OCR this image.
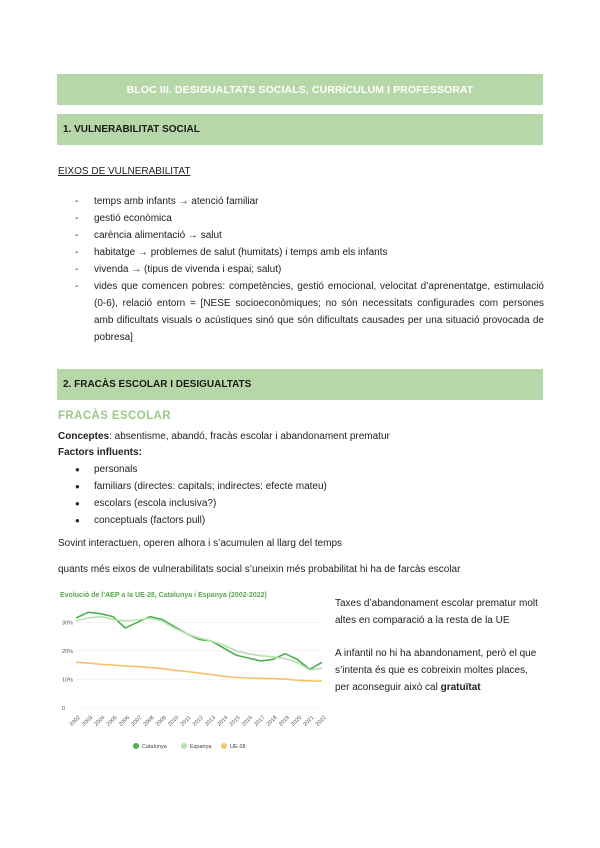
BLOC III. DESIGUALTATS SOCIALS, CURRÍCULUM I PROFESSORAT
1. VULNERABILITAT SOCIAL
EIXOS DE VULNERABILITAT
- temps amb infants → atenció familiar
- gestió econòmica
- carència alimentació → salut
- habitatge → problemes de salut (humitats) i temps amb els infants
- vivenda → (tipus de vivenda i espai; salut)
- vides que comencen pobres: competències, gestió emocional, velocitat d’aprenentatge, estimulació (0-6), relació entorn = [NESE socioeconòmiques; no són necessitats configurades com persones amb dificultats visuals o acústiques sinó que són dificultats causades per una situació provocada de pobresa]
2. FRACÀS ESCOLAR I DESIGUALTATS
FRACÀS ESCOLAR
Conceptes: absentisme, abandó, fracàs escolar i abandonament prematur
Factors influents:
● personals
● familiars (directes: capitals; indirectes: efecte mateu)
● escolars (escola inclusiva?)
● conceptuals (factors pull)
Sovint interactuen, operen alhora i s’acumulen al llarg del temps
quants més eixos de vulnerabilitats social s’uneixin més probabilitat hi ha de farcàs escolar
Evolució de l’AEP a la UE-28, Catalunya i Espanya (2002-2022)
0
10%
20%
30%
2002 2003 2004 2005 2006 2007 2008 2009 2010 2011 2012 2013 2014 2015 2016 2017 2018 2019 2020 2021 2022
Catalunya	Espanya	UE-28
Taxes d’abandonament escolar prematur molt altes en comparació a la resta de la UE
A infantil no hi ha abandonament, però el que s’intenta és que es cobreixin moltes places, per aconseguir això cal gratuïtat
